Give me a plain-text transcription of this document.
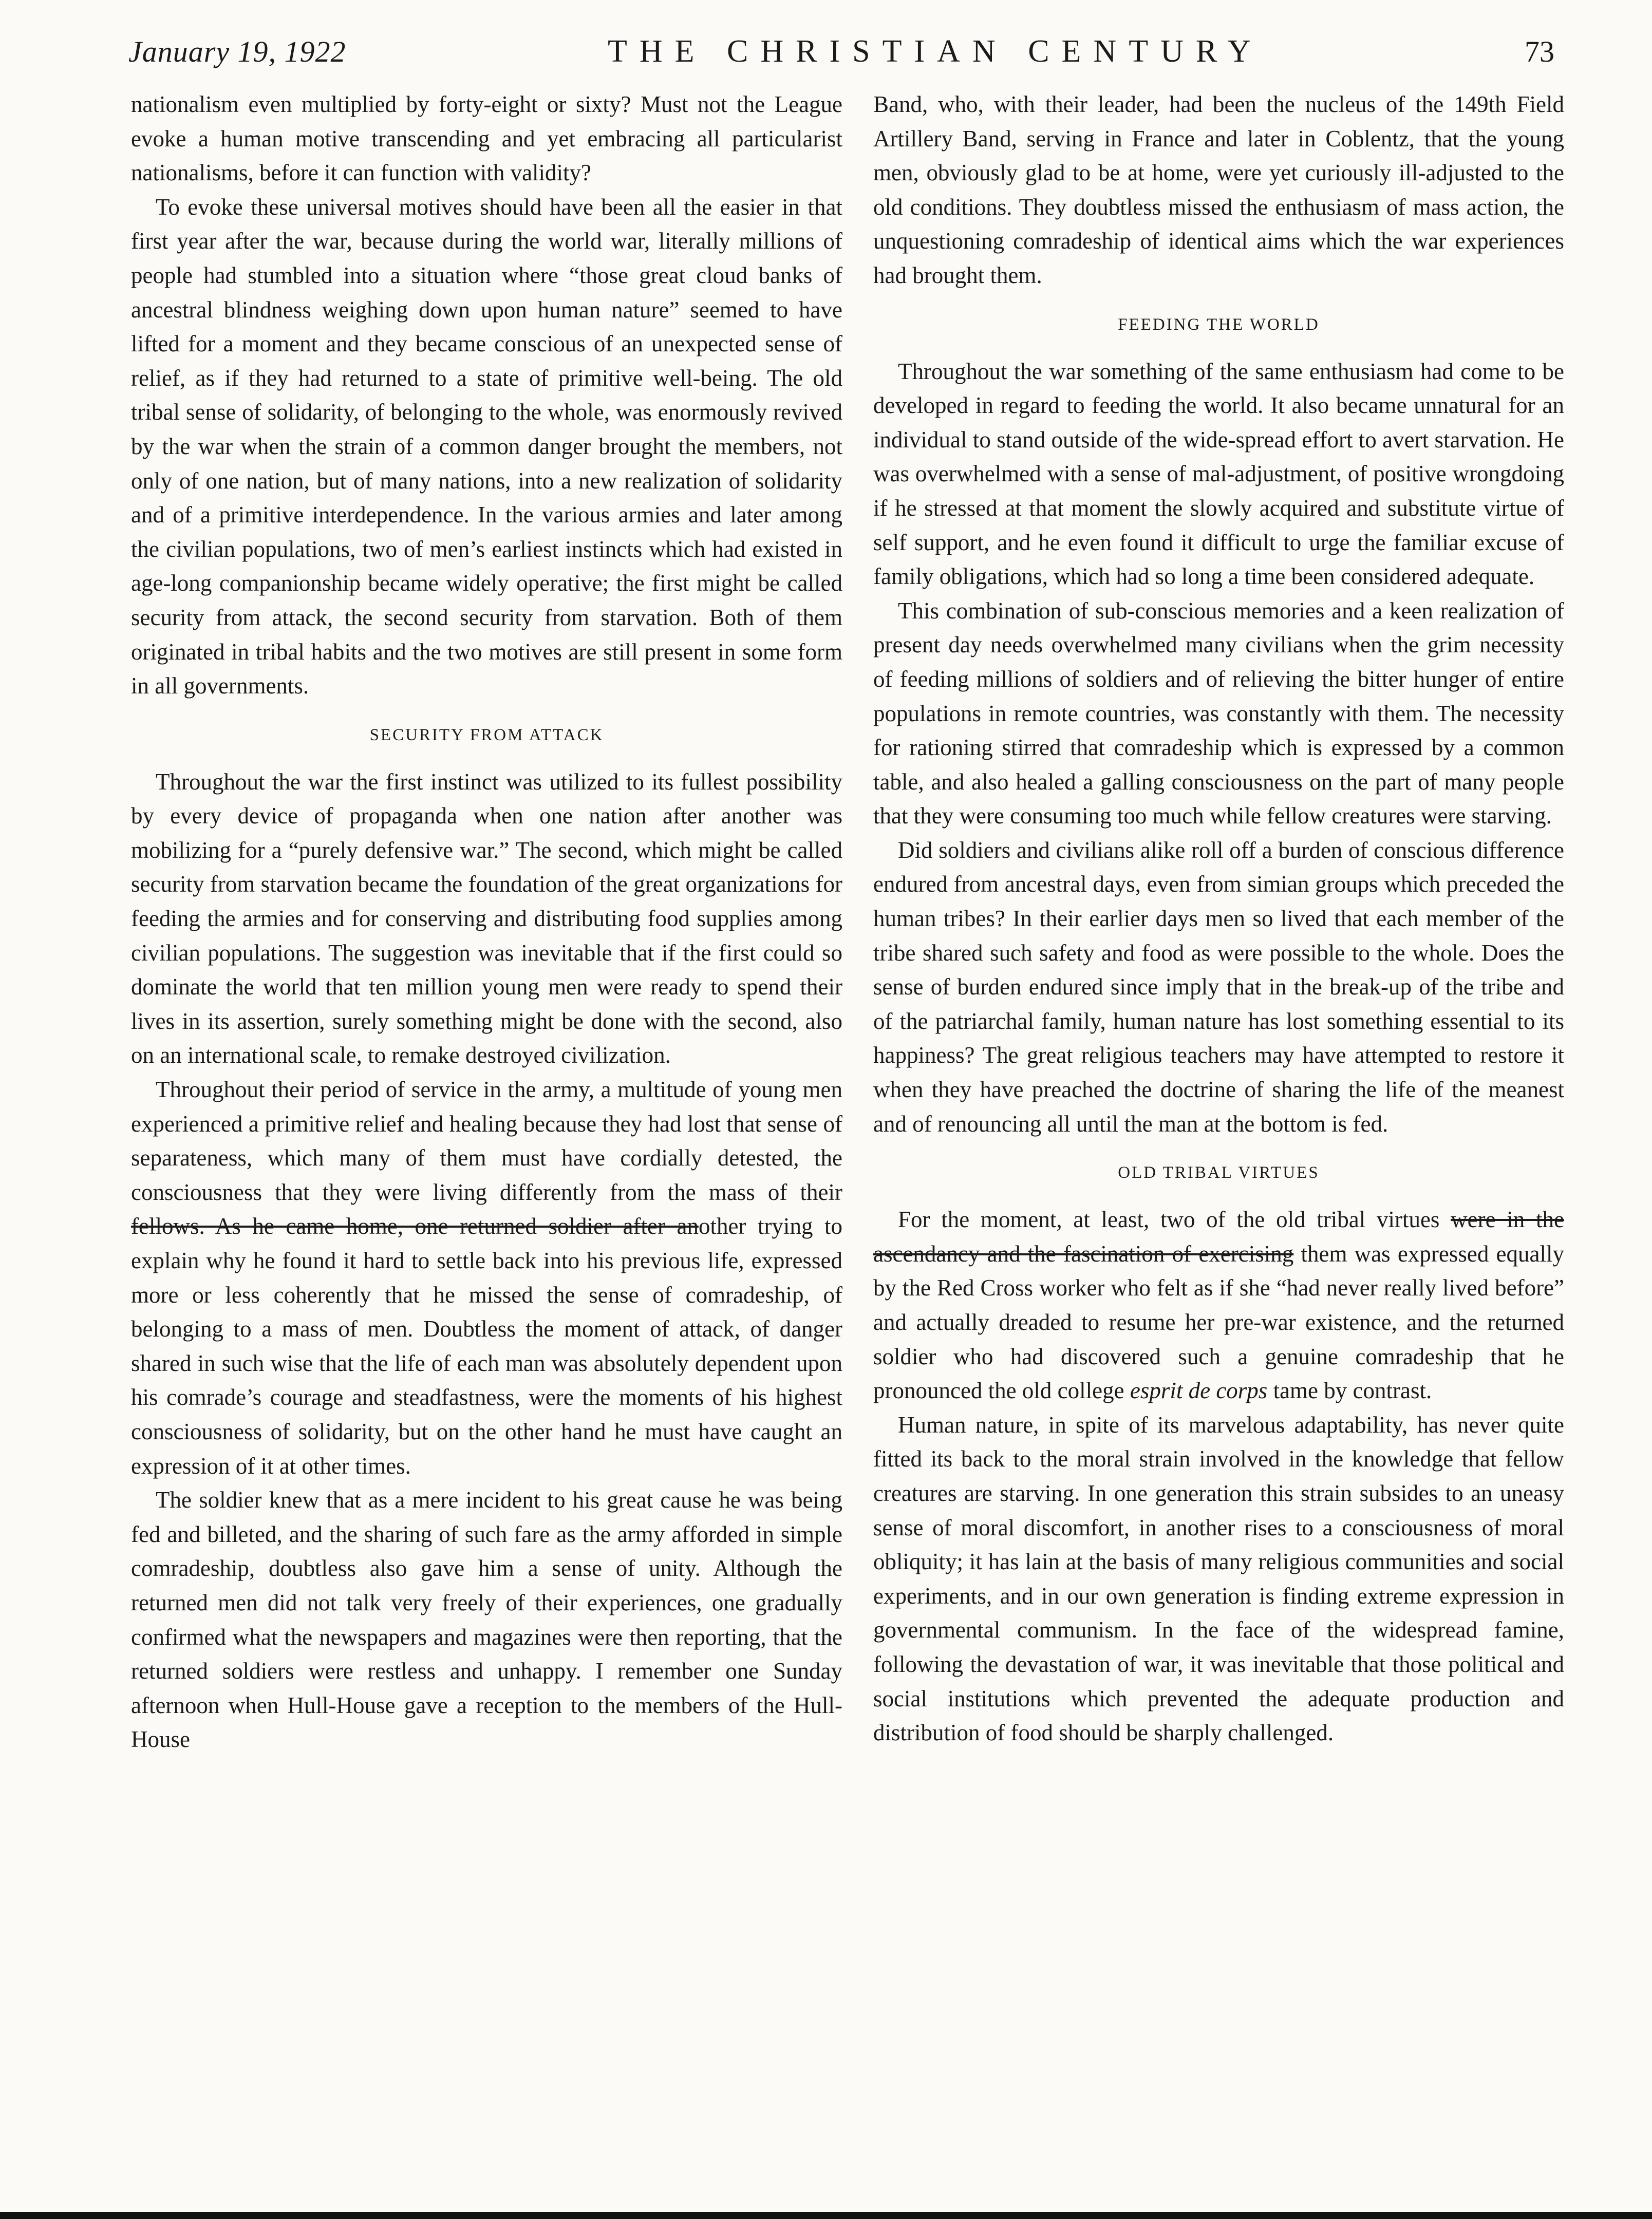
January 19, 1922	THE CHRISTIAN CENTURY	73

nationalism even multiplied by forty-eight or sixty? Must not the League evoke a human motive transcending and yet embracing all particularist nationalisms, before it can function with validity?

To evoke these universal motives should have been all the easier in that first year after the war, because during the world war, literally millions of people had stumbled into a situation where “those great cloud banks of ancestral blindness weighing down upon human nature” seemed to have lifted for a moment and they became conscious of an unexpected sense of relief, as if they had returned to a state of primitive well-being. The old tribal sense of solidarity, of belonging to the whole, was enormously revived by the war when the strain of a common danger brought the members, not only of one nation, but of many nations, into a new realization of solidarity and of a primitive interdependence. In the various armies and later among the civilian populations, two of men’s earliest instincts which had existed in age-long companionship became widely operative; the first might be called security from attack, the second security from starvation. Both of them originated in tribal habits and the two motives are still present in some form in all governments.

SECURITY FROM ATTACK

Throughout the war the first instinct was utilized to its fullest possibility by every device of propaganda when one nation after another was mobilizing for a “purely defensive war.” The second, which might be called security from starvation became the foundation of the great organizations for feeding the armies and for conserving and distributing food supplies among civilian populations. The suggestion was inevitable that if the first could so dominate the world that ten million young men were ready to spend their lives in its assertion, surely something might be done with the second, also on an international scale, to remake destroyed civilization.

Throughout their period of service in the army, a multitude of young men experienced a primitive relief and healing because they had lost that sense of separateness, which many of them must have cordially detested, the consciousness that they were living differently from the mass of their fellows. As he came home, one returned soldier after another trying to explain why he found it hard to settle back into his previous life, expressed more or less coherently that he missed the sense of comradeship, of belonging to a mass of men. Doubtless the moment of attack, of danger shared in such wise that the life of each man was absolutely dependent upon his comrade’s courage and steadfastness, were the moments of his highest consciousness of solidarity, but on the other hand he must have caught an expression of it at other times.

The soldier knew that as a mere incident to his great cause he was being fed and billeted, and the sharing of such fare as the army afforded in simple comradeship, doubtless also gave him a sense of unity. Although the returned men did not talk very freely of their experiences, one gradually confirmed what the newspapers and magazines were then reporting, that the returned soldiers were restless and unhappy. I remember one Sunday afternoon when Hull-House gave a reception to the members of the Hull-House

Band, who, with their leader, had been the nucleus of the 149th Field Artillery Band, serving in France and later in Coblentz, that the young men, obviously glad to be at home, were yet curiously ill-adjusted to the old conditions. They doubtless missed the enthusiasm of mass action, the unquestioning comradeship of identical aims which the war experiences had brought them.

FEEDING THE WORLD

Throughout the war something of the same enthusiasm had come to be developed in regard to feeding the world. It also became unnatural for an individual to stand outside of the wide-spread effort to avert starvation. He was overwhelmed with a sense of mal-adjustment, of positive wrongdoing if he stressed at that moment the slowly acquired and substitute virtue of self support, and he even found it difficult to urge the familiar excuse of family obligations, which had so long a time been considered adequate.

This combination of sub-conscious memories and a keen realization of present day needs overwhelmed many civilians when the grim necessity of feeding millions of soldiers and of relieving the bitter hunger of entire populations in remote countries, was constantly with them. The necessity for rationing stirred that comradeship which is expressed by a common table, and also healed a galling consciousness on the part of many people that they were consuming too much while fellow creatures were starving.

Did soldiers and civilians alike roll off a burden of conscious difference endured from ancestral days, even from simian groups which preceded the human tribes? In their earlier days men so lived that each member of the tribe shared such safety and food as were possible to the whole. Does the sense of burden endured since imply that in the break-up of the tribe and of the patriarchal family, human nature has lost something essential to its happiness? The great religious teachers may have attempted to restore it when they have preached the doctrine of sharing the life of the meanest and of renouncing all until the man at the bottom is fed.

OLD TRIBAL VIRTUES

For the moment, at least, two of the old tribal virtues were in the ascendancy and the fascination of exercising them was expressed equally by the Red Cross worker who felt as if she “had never really lived before” and actually dreaded to resume her pre-war existence, and the returned soldier who had discovered such a genuine comradeship that he pronounced the old college esprit de corps tame by contrast.

Human nature, in spite of its marvelous adaptability, has never quite fitted its back to the moral strain involved in the knowledge that fellow creatures are starving. In one generation this strain subsides to an uneasy sense of moral discomfort, in another rises to a consciousness of moral obliquity; it has lain at the basis of many religious communities and social experiments, and in our own generation is finding extreme expression in governmental communism. In the face of the widespread famine, following the devastation of war, it was inevitable that those political and social institutions which prevented the adequate production and distribution of food should be sharply challenged.
